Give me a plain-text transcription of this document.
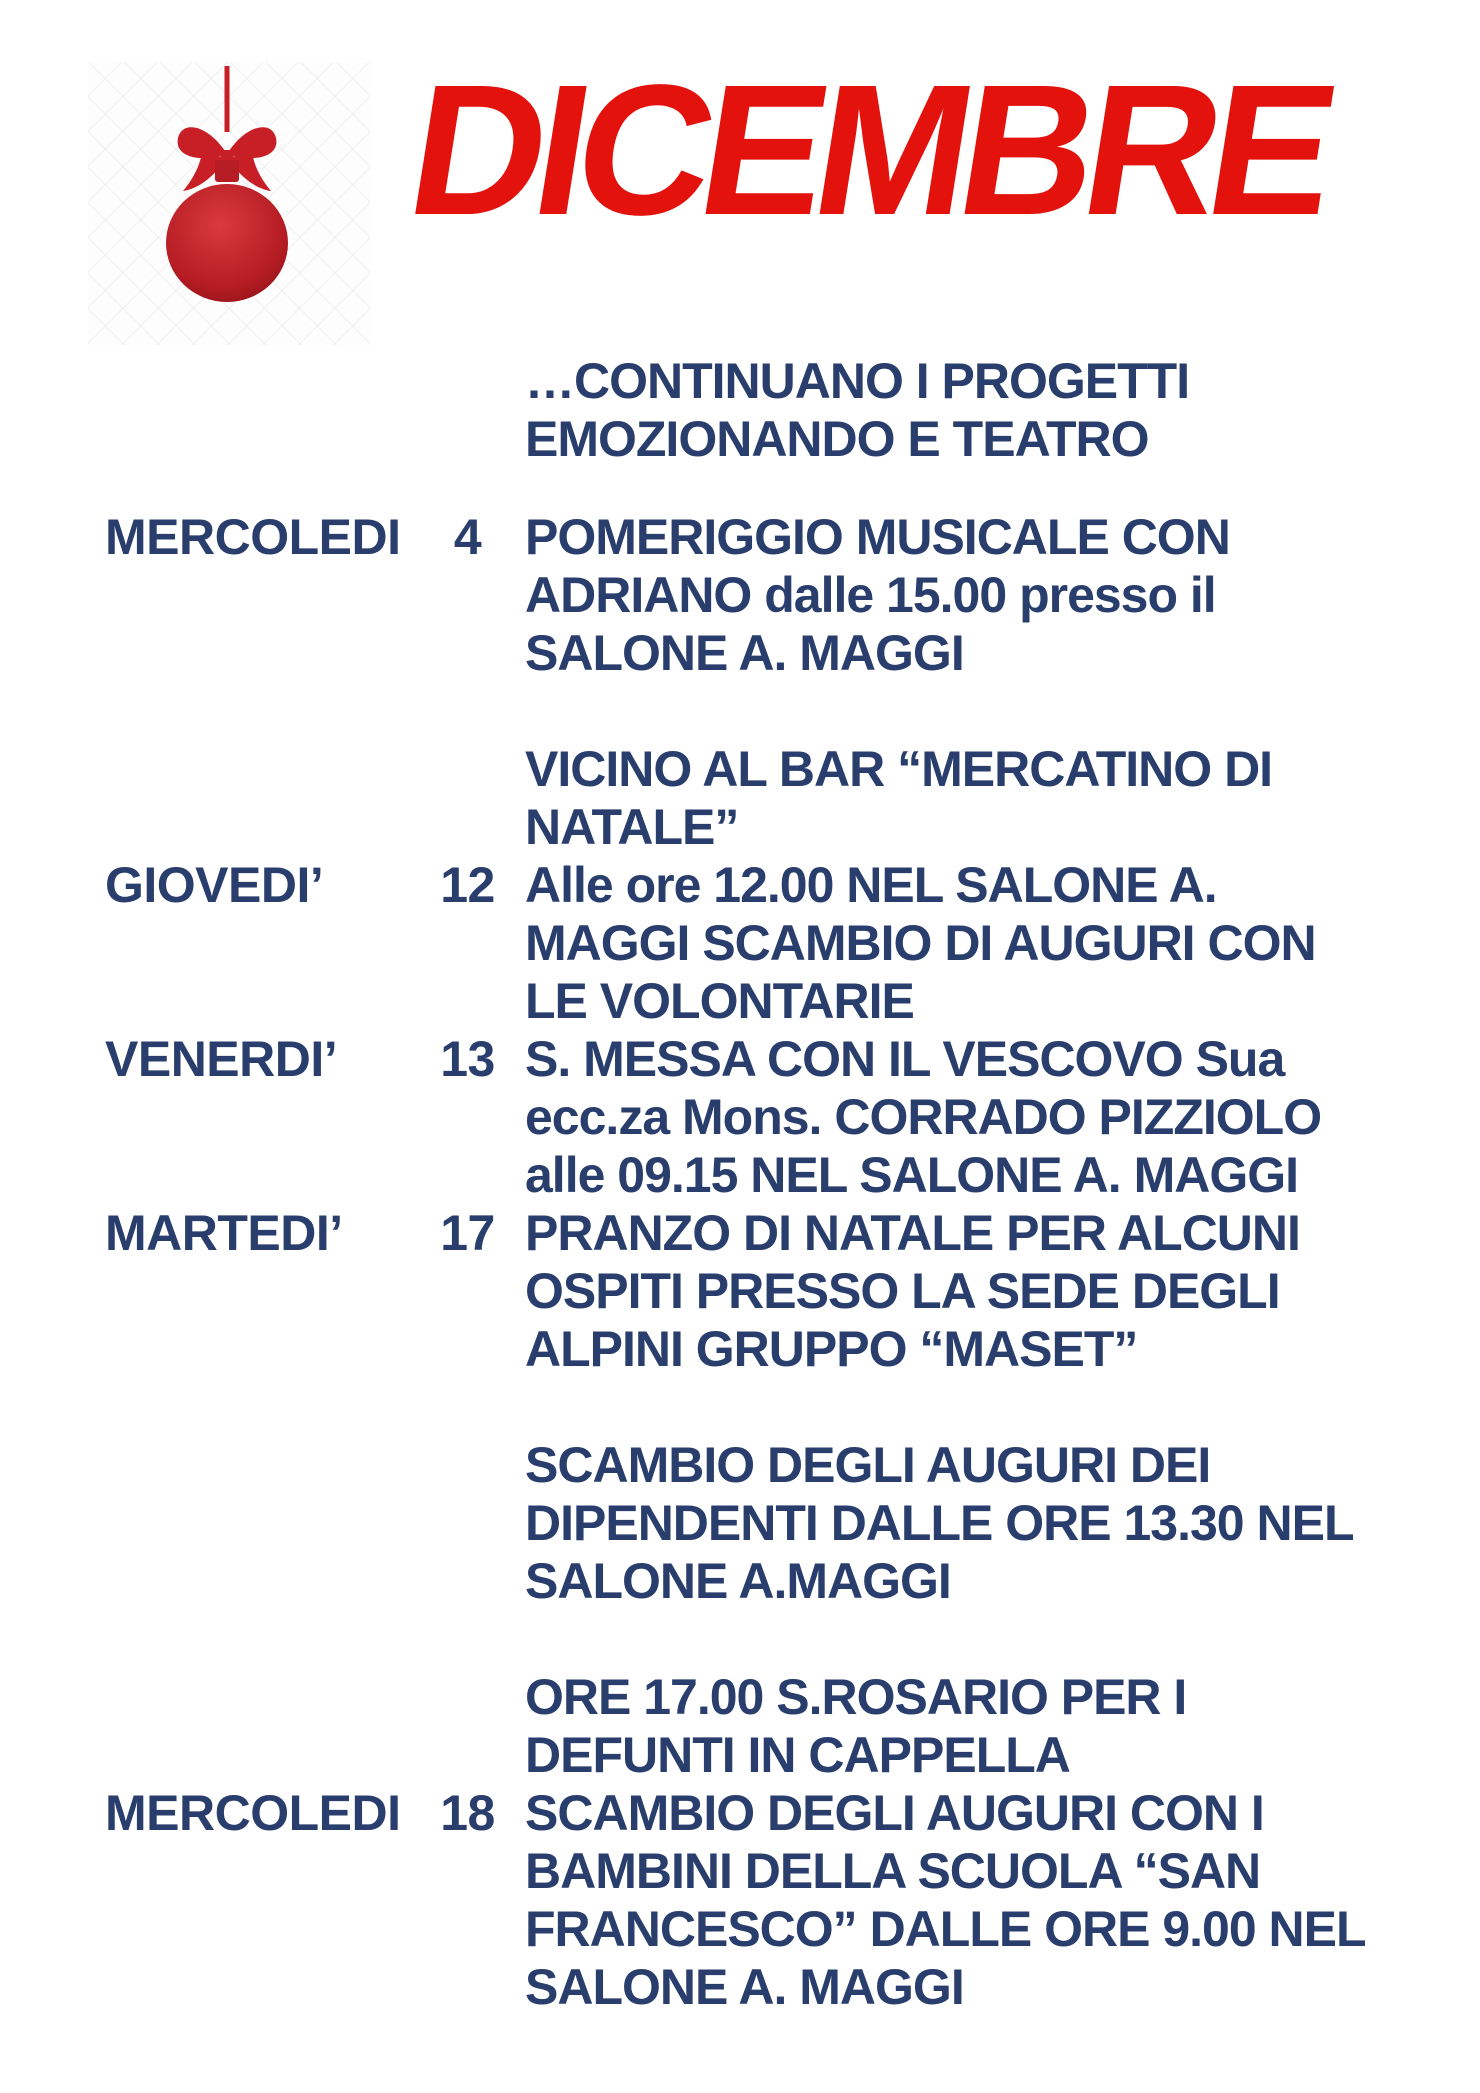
DICEMBRE
…CONTINUANO I PROGETTI
EMOZIONANDO E TEATRO
MERCOLEDI	4 POMERIGGIO MUSICALE CON
ADRIANO dalle 15.00 presso il
SALONE A. MAGGI
VICINO AL BAR “MERCATINO DI
NATALE”
GIOVEDI’	12 Alle ore 12.00 NEL SALONE A.
MAGGI SCAMBIO DI AUGURI CON
LE VOLONTARIE
VENERDI’	13 S. MESSA CON IL VESCOVO Sua
ecc.za Mons. CORRADO PIZZIOLO
alle 09.15 NEL SALONE A. MAGGI
MARTEDI’	17 PRANZO DI NATALE PER ALCUNI
OSPITI PRESSO LA SEDE DEGLI
ALPINI GRUPPO “MASET”
SCAMBIO DEGLI AUGURI DEI
DIPENDENTI DALLE ORE 13.30 NEL
SALONE A.MAGGI
ORE 17.00 S.ROSARIO PER I
DEFUNTI IN CAPPELLA
MERCOLEDI 18 SCAMBIO DEGLI AUGURI CON I
BAMBINI DELLA SCUOLA “SAN
FRANCESCO” DALLE ORE 9.00 NEL
SALONE A. MAGGI
